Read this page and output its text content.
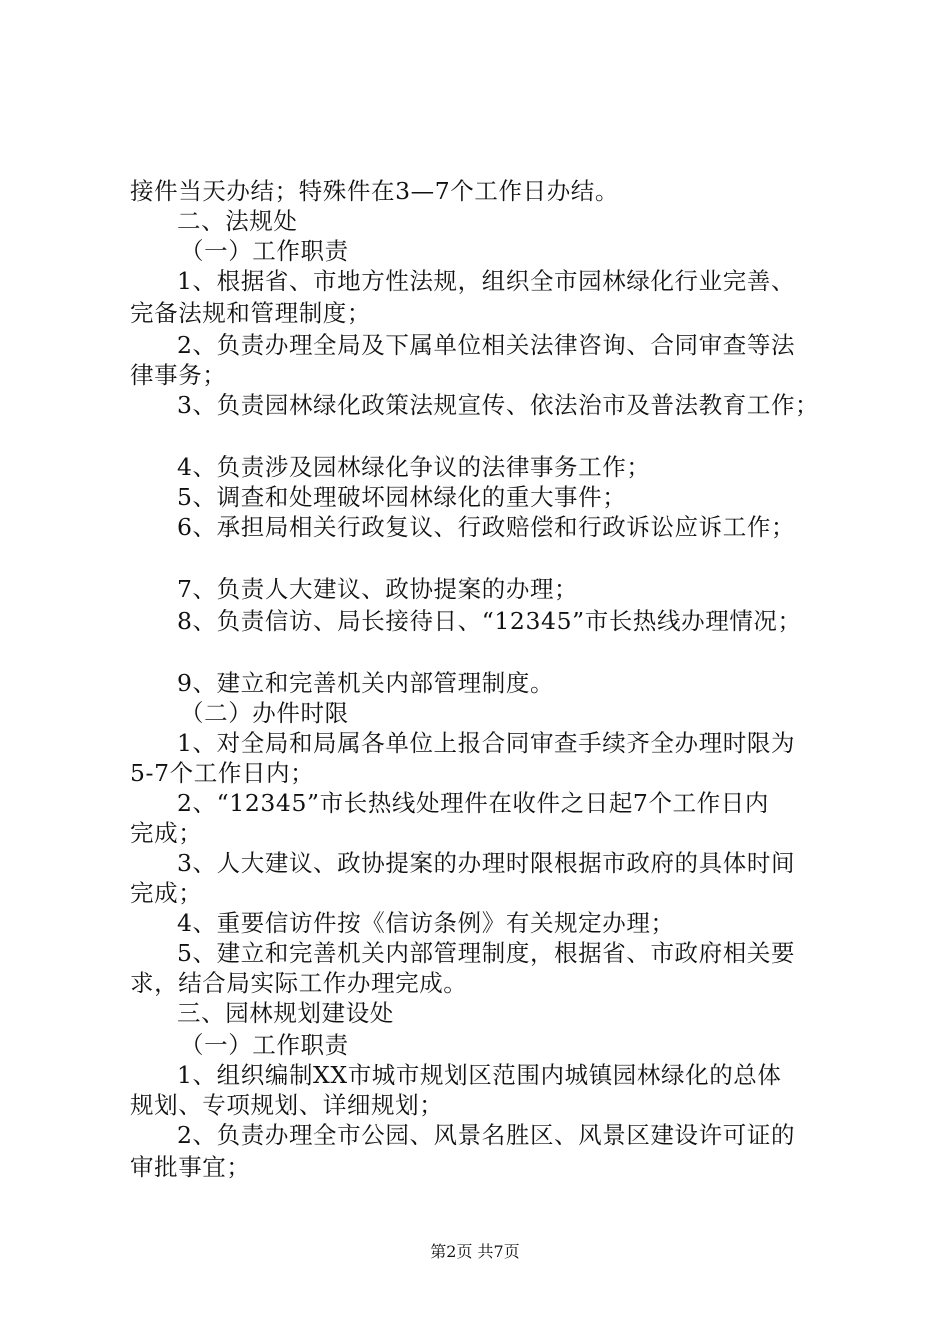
接件当天办结；特殊件在3—7个工作日办结。
二、法规处
（一）工作职责
1、根据省、市地方性法规，组织全市园林绿化行业完善、
完备法规和管理制度；
2、负责办理全局及下属单位相关法律咨询、合同审查等法
律事务；
3、负责园林绿化政策法规宣传、依法治市及普法教育工作；
4、负责涉及园林绿化争议的法律事务工作；
5、调查和处理破坏园林绿化的重大事件；
6、承担局相关行政复议、行政赔偿和行政诉讼应诉工作；
7、负责人大建议、政协提案的办理；
8、负责信访、局长接待日、“12345”市长热线办理情况；
9、建立和完善机关内部管理制度。
（二）办件时限
1、对全局和局属各单位上报合同审查手续齐全办理时限为
5-7个工作日内；
2、“12345”市长热线处理件在收件之日起7个工作日内
完成；
3、人大建议、政协提案的办理时限根据市政府的具体时间
完成；
4、重要信访件按《信访条例》有关规定办理；
5、建立和完善机关内部管理制度，根据省、市政府相关要
求，结合局实际工作办理完成。
三、园林规划建设处
（一）工作职责
1、组织编制XX市城市规划区范围内城镇园林绿化的总体
规划、专项规划、详细规划；
2、负责办理全市公园、风景名胜区、风景区建设许可证的
审批事宜；
第2页 共7页
